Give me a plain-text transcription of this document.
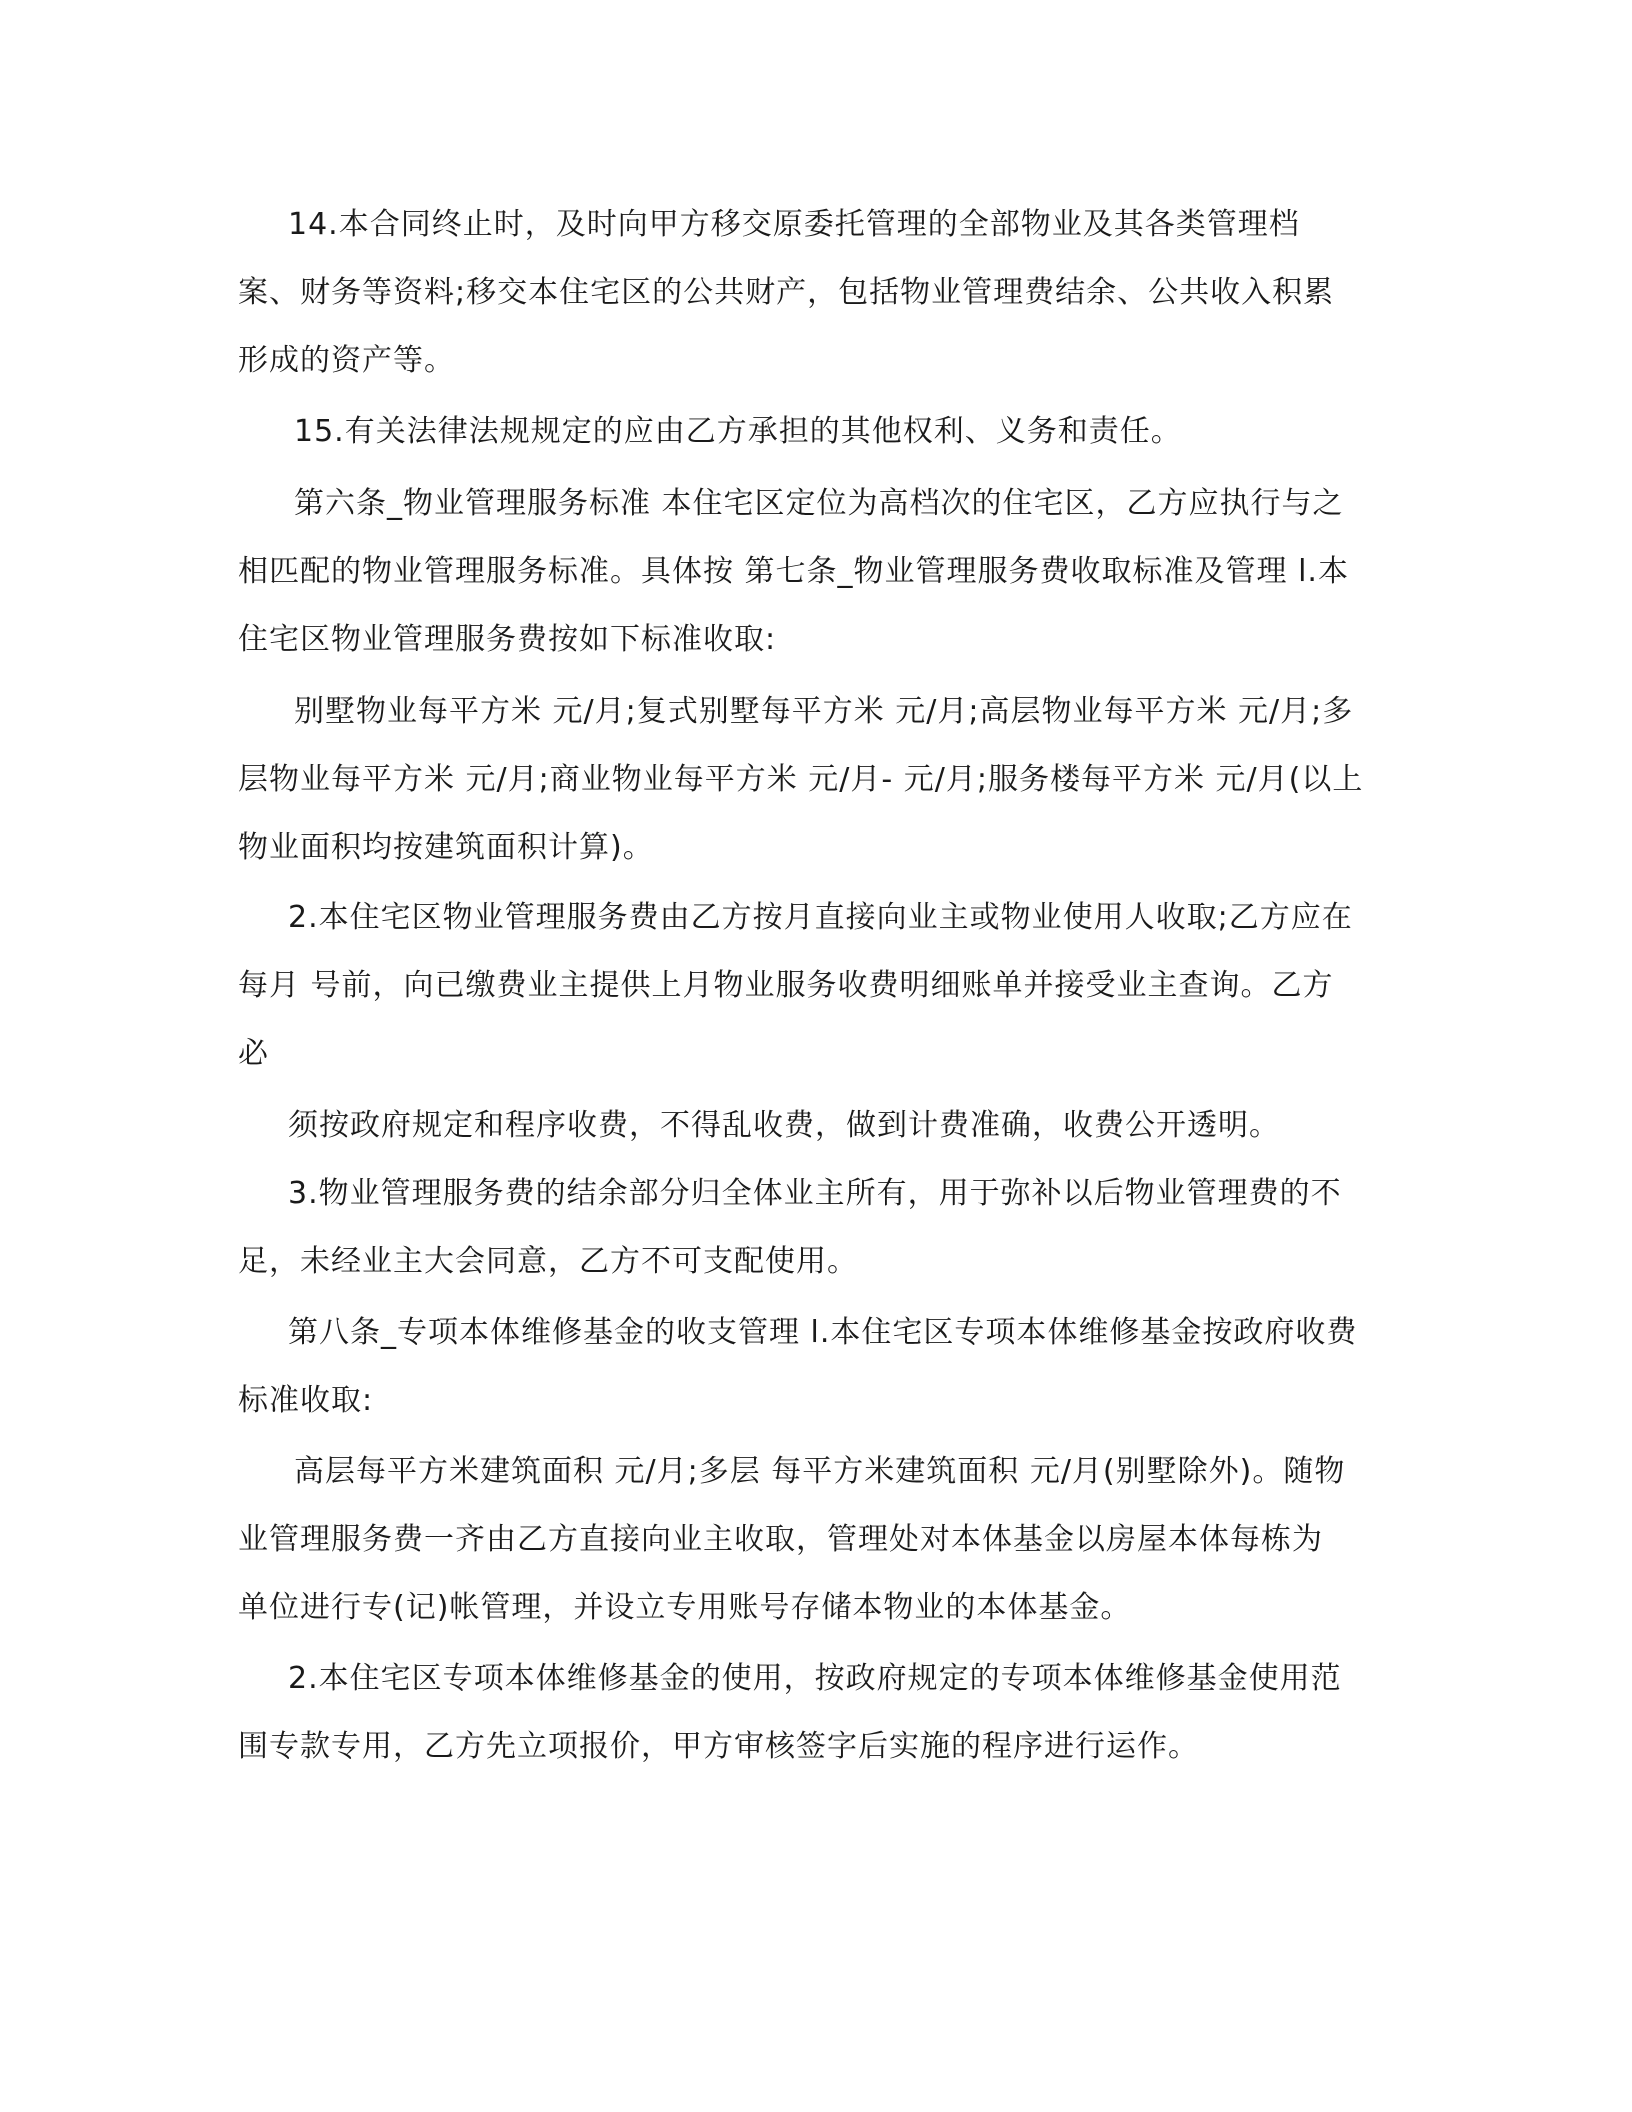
14.本合同终止时，及时向甲方移交原委托管理的全部物业及其各类管理档
案、财务等资料;移交本住宅区的公共财产，包括物业管理费结余、公共收入积累
形成的资产等。
15.有关法律法规规定的应由乙方承担的其他权利、义务和责任。
第六条_物业管理服务标准 本住宅区定位为高档次的住宅区，乙方应执行与之
相匹配的物业管理服务标准。具体按 第七条_物业管理服务费收取标准及管理 l.本
住宅区物业管理服务费按如下标准收取:
别墅物业每平方米 元/月;复式别墅每平方米 元/月;高层物业每平方米 元/月;多
层物业每平方米 元/月;商业物业每平方米 元/月- 元/月;服务楼每平方米 元/月(以上
物业面积均按建筑面积计算)。
2.本住宅区物业管理服务费由乙方按月直接向业主或物业使用人收取;乙方应在
每月 号前，向已缴费业主提供上月物业服务收费明细账单并接受业主查询。乙方
必
须按政府规定和程序收费，不得乱收费，做到计费准确，收费公开透明。
3.物业管理服务费的结余部分归全体业主所有，用于弥补以后物业管理费的不
足，未经业主大会同意，乙方不可支配使用。
第八条_专项本体维修基金的收支管理 l.本住宅区专项本体维修基金按政府收费
标准收取:
高层每平方米建筑面积 元/月;多层 每平方米建筑面积 元/月(别墅除外)。随物
业管理服务费一齐由乙方直接向业主收取，管理处对本体基金以房屋本体每栋为
单位进行专(记)帐管理，并设立专用账号存储本物业的本体基金。
2.本住宅区专项本体维修基金的使用，按政府规定的专项本体维修基金使用范
围专款专用，乙方先立项报价，甲方审核签字后实施的程序进行运作。
